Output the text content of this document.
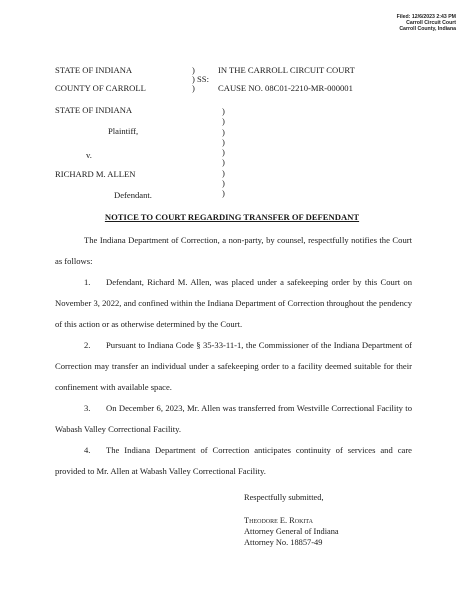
Filed: 12/6/2023 2:43 PM
Carroll Circuit Court
Carroll County, Indiana
STATE OF INDIANA	)
) SS:
)
IN THE CARROLL CIRCUIT COURT
COUNTY OF CARROLL	CAUSE NO. 08C01-2210-MR-000001
STATE OF INDIANA
Plaintiff,
v.
RICHARD M. ALLEN
Defendant.
)
)
)
)
)
)
)
)
)
NOTICE TO COURT REGARDING TRANSFER OF DEFENDANT
The Indiana Department of Correction, a non-party, by counsel, respectfully notifies the Court as follows:
1. Defendant, Richard M. Allen, was placed under a safekeeping order by this Court on November 3, 2022, and confined within the Indiana Department of Correction throughout the pendency of this action or as otherwise determined by the Court.
2. Pursuant to Indiana Code § 35-33-11-1, the Commissioner of the Indiana Department of Correction may transfer an individual under a safekeeping order to a facility deemed suitable for their confinement with available space.
3. On December 6, 2023, Mr. Allen was transferred from Westville Correctional Facility to Wabash Valley Correctional Facility.
4. The Indiana Department of Correction anticipates continuity of services and care provided to Mr. Allen at Wabash Valley Correctional Facility.
Respectfully submitted,
Theodore E. Rokita
Attorney General of Indiana
Attorney No. 18857-49
